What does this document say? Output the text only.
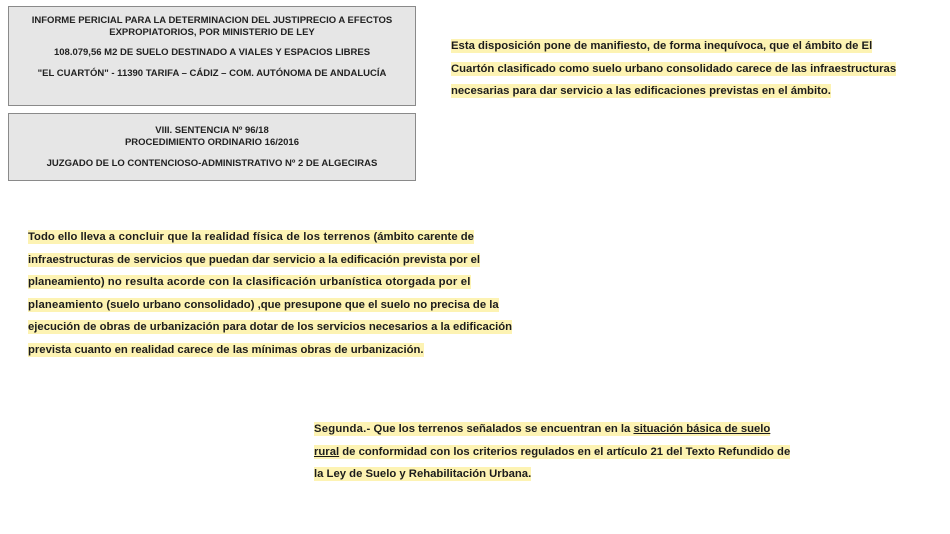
INFORME PERICIAL PARA LA DETERMINACION DEL JUSTIPRECIO A EFECTOS

EXPROPIATORIOS, POR MINISTERIO DE LEY

108.079,56 M2 DE SUELO DESTINADO A VIALES Y ESPACIOS LIBRES

"EL CUARTÓN" - 11390 TARIFA – CÁDIZ – COM. AUTÓNOMA DE ANDALUCÍA

VIII. SENTENCIA Nº 96/18

PROCEDIMIENTO ORDINARIO 16/2016

JUZGADO DE LO CONTENCIOSO-ADMINISTRATIVO Nº 2 DE ALGECIRAS

Esta disposición pone de manifiesto, de forma inequívoca, que el ámbito de El
Cuartón clasificado como suelo urbano consolidado carece de las infraestructuras
necesarias para dar servicio a las edificaciones previstas en el ámbito.
Todo ello lleva a concluir que la realidad física de los terrenos (ámbito carente de
infraestructuras de servicios que puedan dar servicio a la edificación prevista por el
planeamiento) no resulta acorde con la clasificación urbanística otorgada por el
planeamiento (suelo urbano consolidado) ,que presupone que el suelo no precisa de la
ejecución de obras de urbanización para dotar de los servicios necesarios a la edificación
prevista cuanto en realidad carece de las mínimas obras de urbanización.
Segunda.- Que los terrenos señalados se encuentran en la situación básica de suelo
rural de conformidad con los criterios regulados en el artículo 21 del Texto Refundido de
la Ley de Suelo y Rehabilitación Urbana.
